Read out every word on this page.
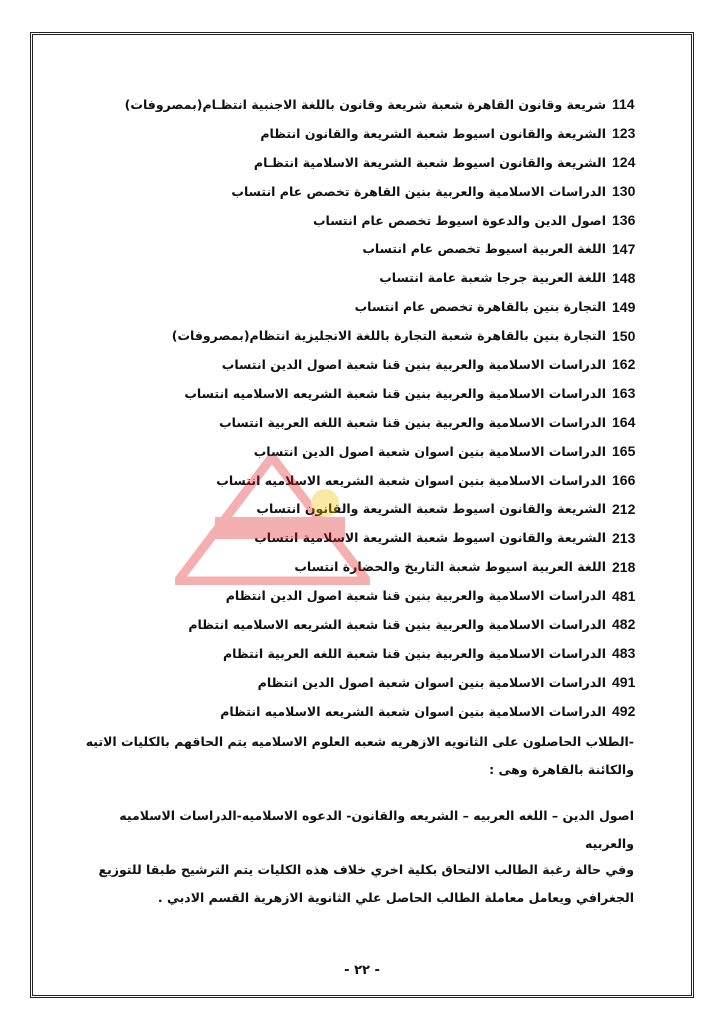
شريعة وقانون القاهرة شعبة شريعة وقانون باللغة الاجنبية انتظـام(بمصروفات) 114
الشريعة والقانون اسيوط شعبة الشريعة والقانون انتظام 123
الشريعة والقانون اسيوط شعبة الشريعة الاسلامية انتظـام 124
الدراسات الاسلامية والعربية بنين القاهرة تخصص عام انتساب 130
اصول الدين والدعوة اسيوط تخصص عام انتساب 136
اللغة العربية اسيوط تخصص عام انتساب 147
اللغة العربية جرجا شعبة عامة انتساب 148
التجارة بنين بالقاهرة تخصص عام انتساب 149
التجارة بنين بالقاهرة شعبة التجارة باللغة الانجليزية انتظام(بمصروفات) 150
الدراسات الاسلامية والعربية بنين قنا شعبة اصول الدين انتساب 162
الدراسات الاسلامية والعربية بنين قنا شعبة الشريعه الاسلاميه انتساب 163
الدراسات الاسلامية والعربية بنين قنا شعبة اللغه العربية انتساب 164
الدراسات الاسلامية بنين اسوان شعبة اصول الدين انتساب 165
الدراسات الاسلامية بنين اسوان شعبة الشريعه الاسلاميه انتساب 166
الشريعة والقانون اسيوط شعبة الشريعة والقانون انتساب 212
الشريعة والقانون اسيوط شعبة الشريعة الاسلامية انتساب 213
اللغة العربية اسيوط شعبة التاريخ والحضارة انتساب 218
الدراسات الاسلامية والعربية بنين قنا شعبة اصول الدين انتظام 481
الدراسات الاسلامية والعربية بنين قنا شعبة الشريعه الاسلاميه انتظام 482
الدراسات الاسلامية والعربية بنين قنا شعبة اللغه العربية انتظام 483
الدراسات الاسلامية بنين اسوان شعبة اصول الدين انتظام 491
الدراسات الاسلامية بنين اسوان شعبة الشريعه الاسلاميه انتظام 492

-الطلاب الحاصلون على الثانويه الازهريه شعبه العلوم الاسلاميه يتم الحاقهم بالكليات الاتيه والكائنة بالقاهرة وهى :

اصول الدين – اللغه العربيه – الشريعه والقانون- الدعوه الاسلاميه-الدراسات الاسلاميه والعربيه

وفي حالة رغبة الطالب الالتحاق بكلية اخري خلاف هذه الكليات يتم الترشيح طبقا للتوزيع الجغرافي ويعامل معاملة الطالب الحاصل علي الثانوية الازهرية القسم الادبي .

- ٢٢ -
